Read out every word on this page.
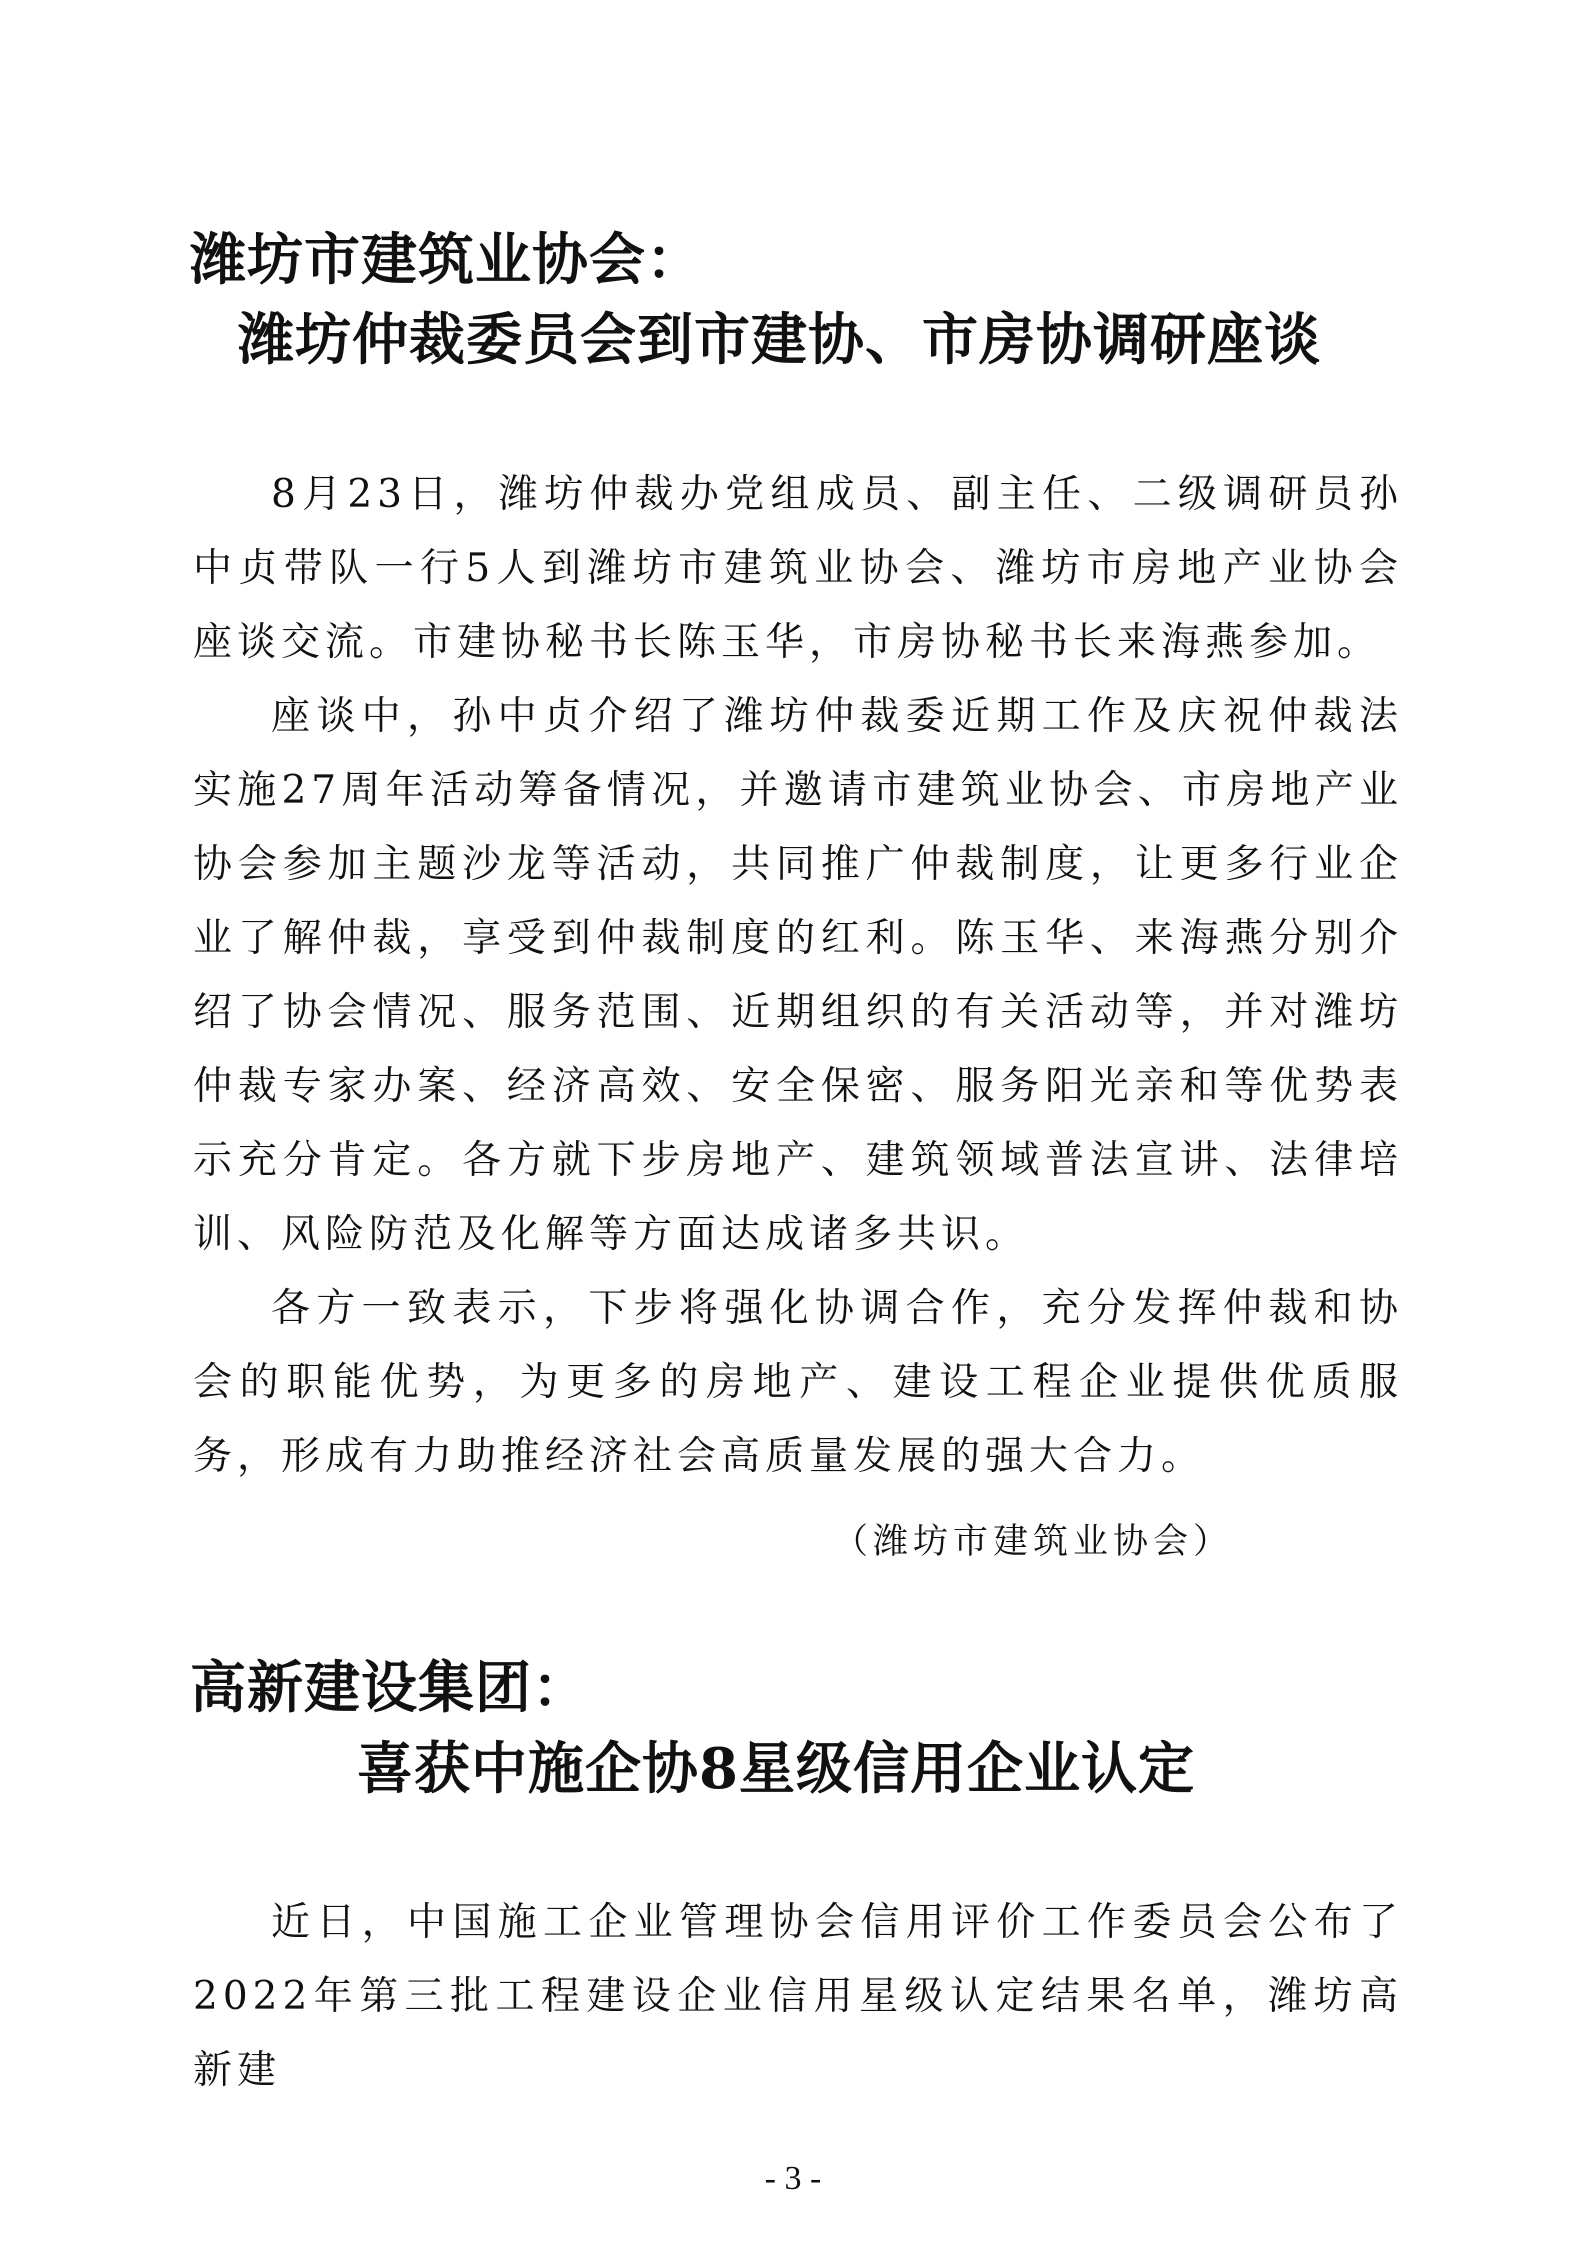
潍坊市建筑业协会：
潍坊仲裁委员会到市建协、市房协调研座谈

8月23日，潍坊仲裁办党组成员、副主任、二级调研员孙中贞带队一行5人到潍坊市建筑业协会、潍坊市房地产业协会座谈交流。市建协秘书长陈玉华，市房协秘书长来海燕参加。

座谈中，孙中贞介绍了潍坊仲裁委近期工作及庆祝仲裁法实施27周年活动筹备情况，并邀请市建筑业协会、市房地产业协会参加主题沙龙等活动，共同推广仲裁制度，让更多行业企业了解仲裁，享受到仲裁制度的红利。陈玉华、来海燕分别介绍了协会情况、服务范围、近期组织的有关活动等，并对潍坊仲裁专家办案、经济高效、安全保密、服务阳光亲和等优势表示充分肯定。各方就下步房地产、建筑领域普法宣讲、法律培训、风险防范及化解等方面达成诸多共识。

各方一致表示，下步将强化协调合作，充分发挥仲裁和协会的职能优势，为更多的房地产、建设工程企业提供优质服务，形成有力助推经济社会高质量发展的强大合力。

（潍坊市建筑业协会）
高新建设集团：
喜获中施企协8星级信用企业认定

近日，中国施工企业管理协会信用评价工作委员会公布了2022年第三批工程建设企业信用星级认定结果名单，潍坊高新建

- 3 -
